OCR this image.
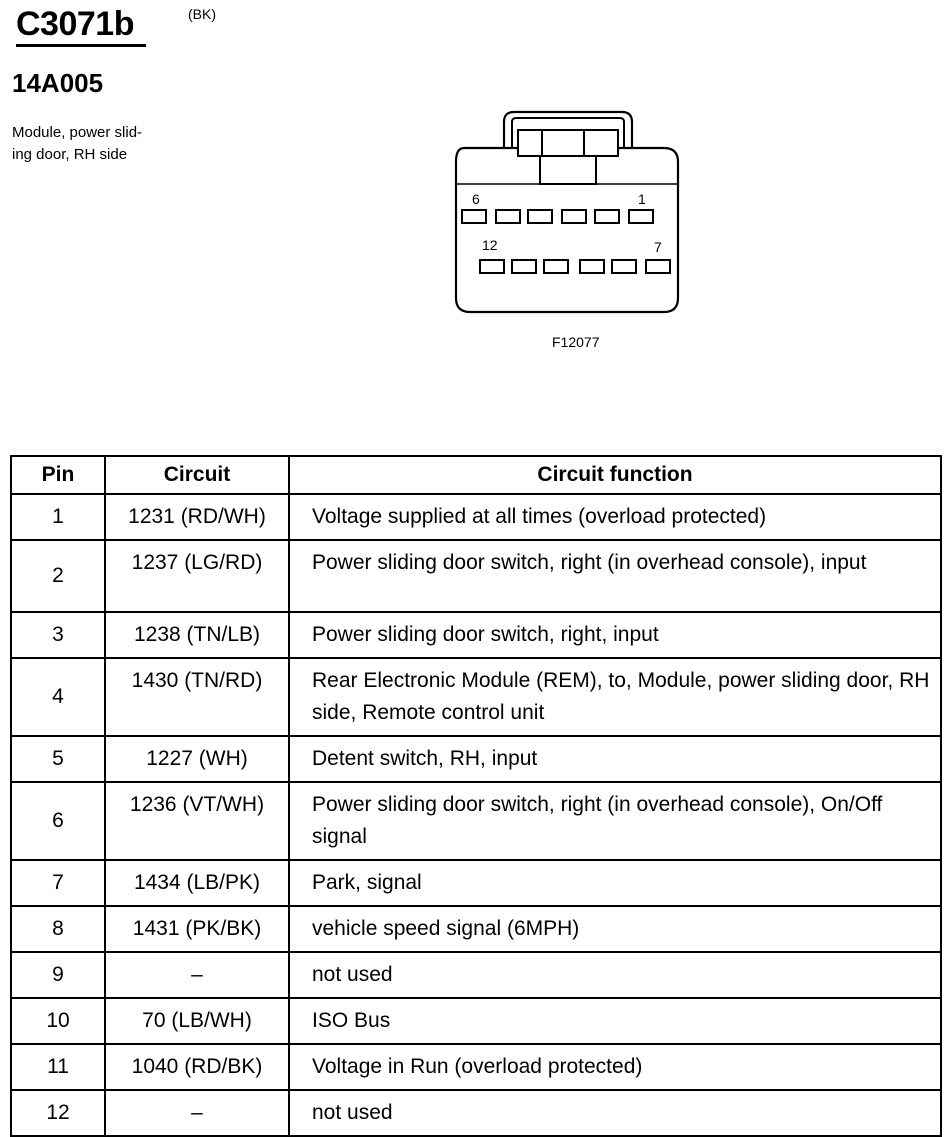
C3071b	(BK)
14A005
Module, power slid-
ing door, RH side
6	1
12	7
F12077
Pin	Circuit	Circuit function
1	1231 (RD/WH)	Voltage supplied at all times (overload protected)
2	1237 (LG/RD)	Power sliding door switch, right (in overhead console), input
3	1238 (TN/LB)	Power sliding door switch, right, input
4	1430 (TN/RD)	Rear Electronic Module (REM), to, Module, power sliding door, RH side, Remote control unit
5	1227 (WH)	Detent switch, RH, input
6	1236 (VT/WH)	Power sliding door switch, right (in overhead console), On/Off signal
7	1434 (LB/PK)	Park, signal
8	1431 (PK/BK)	vehicle speed signal (6MPH)
9	–	not used
10	70 (LB/WH)	ISO Bus
11	1040 (RD/BK)	Voltage in Run (overload protected)
12	–	not used
